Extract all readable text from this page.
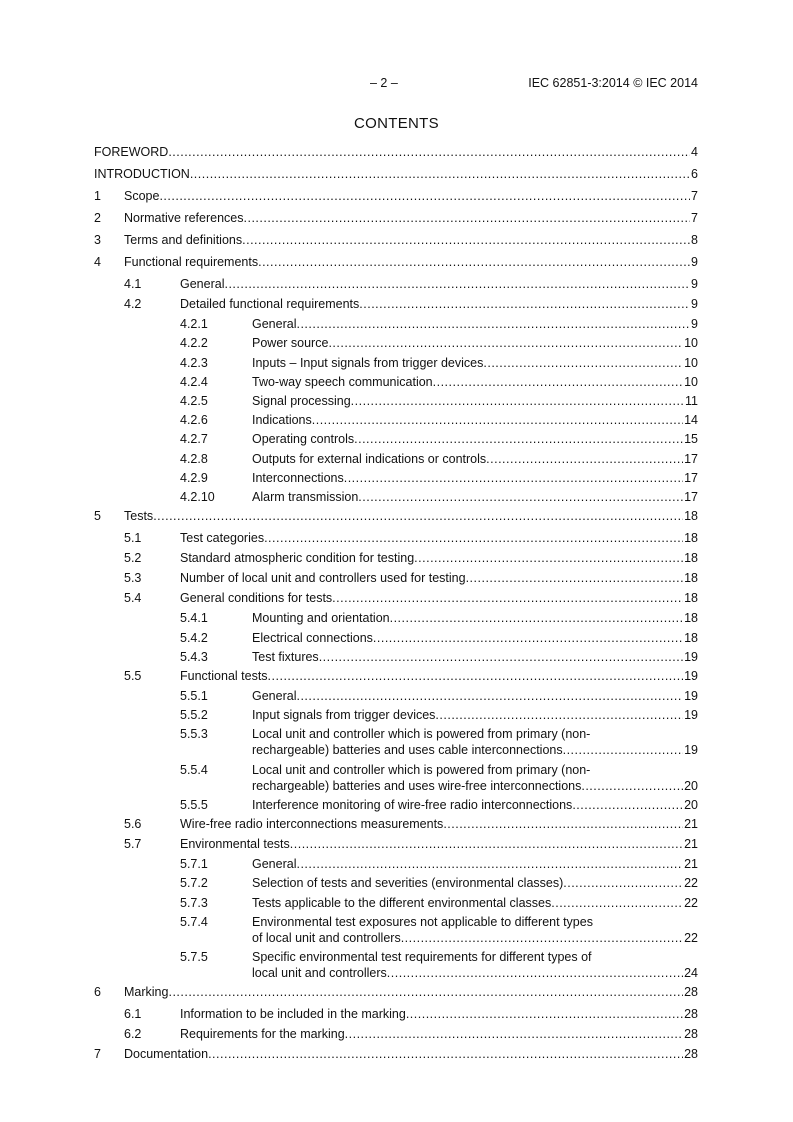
– 2 –	IEC 62851-3:2014 © IEC 2014
CONTENTS
FOREWORD .....	4
INTRODUCTION .....	6
1 Scope .....	7
2 Normative references .....	7
3 Terms and definitions .....	8
4 Functional requirements .....	9
4.1	General .....	9
4.2	Detailed functional requirements .....	9
4.2.1	General .....	9
4.2.2	Power source .....	10
4.2.3	Inputs – Input signals from trigger devices .....	10
4.2.4	Two-way speech communication .....	10
4.2.5	Signal processing .....	11
4.2.6	Indications .....	14
4.2.7	Operating controls .....	15
4.2.8	Outputs for external indications or controls .....	17
4.2.9	Interconnections .....	17
4.2.10	Alarm transmission .....	17
5 Tests .....	18
5.1	Test categories .....	18
5.2	Standard atmospheric condition for testing .....	18
5.3	Number of local unit and controllers used for testing .....	18
5.4	General conditions for tests .....	18
5.4.1	Mounting and orientation .....	18
5.4.2	Electrical connections .....	18
5.4.3	Test fixtures .....	19
5.5	Functional tests .....	19
5.5.1	General .....	19
5.5.2	Input signals from trigger devices .....	19
5.5.3	Local unit and controller which is powered from primary (non-
rechargeable) batteries and uses cable interconnections .....	19
5.5.4	Local unit and controller which is powered from primary (non-
rechargeable) batteries and uses wire-free interconnections .....	20
5.5.5	Interference monitoring of wire-free radio interconnections .....	20
5.6	Wire-free radio interconnections measurements .....	21
5.7	Environmental tests .....	21
5.7.1	General .....	21
5.7.2	Selection of tests and severities (environmental classes) .....	22
5.7.3	Tests applicable to the different environmental classes .....	22
5.7.4	Environmental test exposures not applicable to different types
of local unit and controllers .....	22
5.7.5	Specific environmental test requirements for different types of
local unit and controllers .....	24
6 Marking .....	28
6.1	Information to be included in the marking .....	28
6.2	Requirements for the marking .....	28
7 Documentation .....	28
